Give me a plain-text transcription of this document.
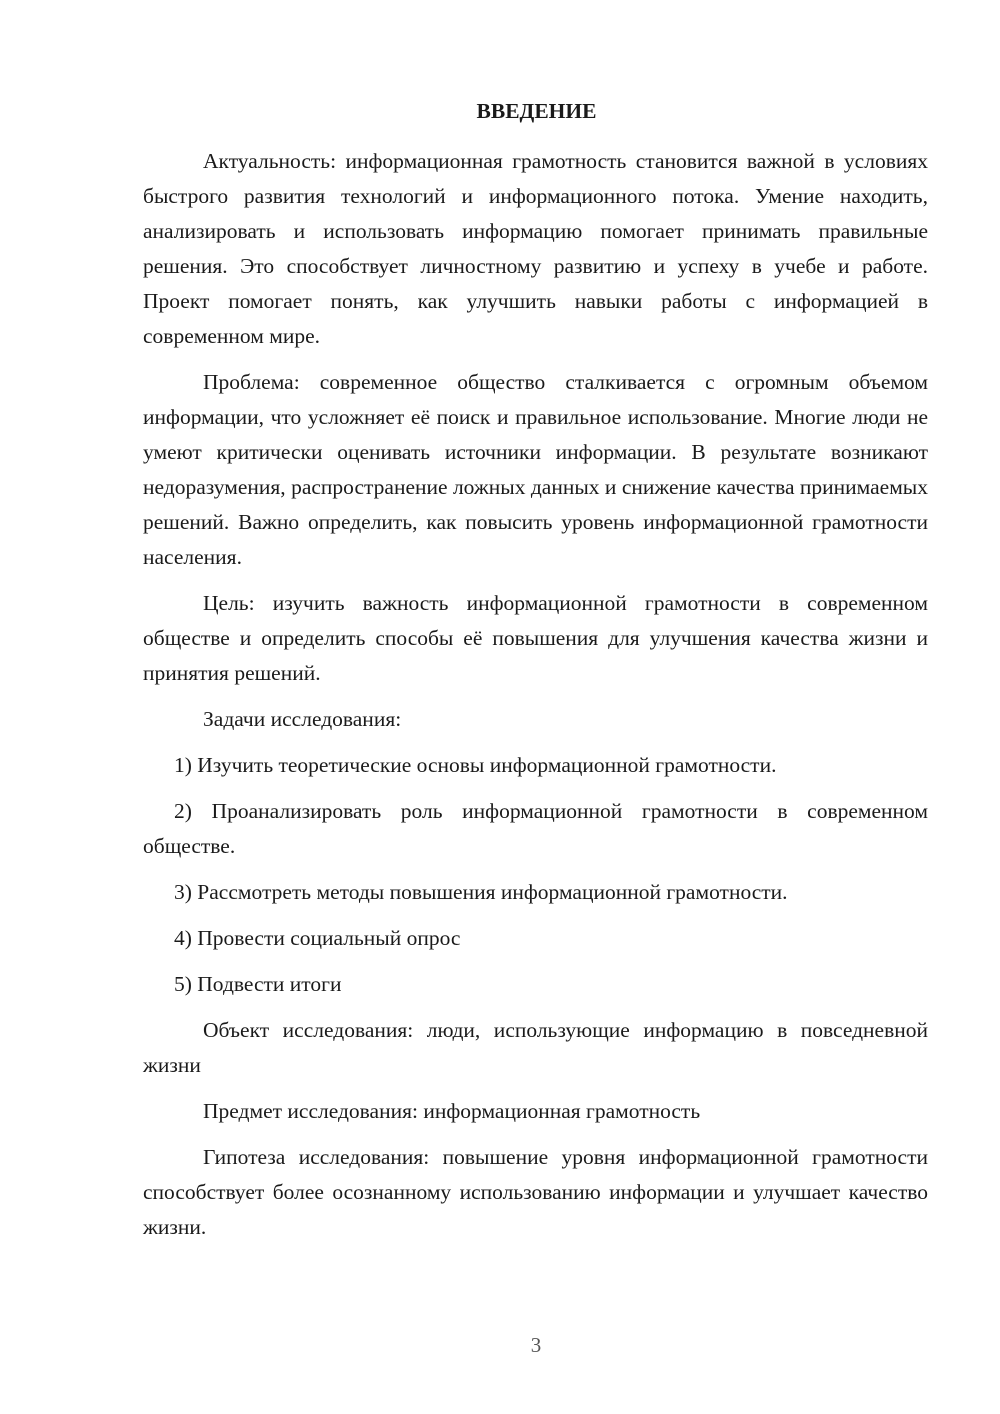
ВВЕДЕНИЕ

Актуальность: информационная грамотность становится важной в условиях быстрого развития технологий и информационного потока. Умение находить, анализировать и использовать информацию помогает принимать правильные решения. Это способствует личностному развитию и успеху в учебе и работе. Проект помогает понять, как улучшить навыки работы с информацией в современном мире.

Проблема: современное общество сталкивается с огромным объемом информации, что усложняет её поиск и правильное использование. Многие люди не умеют критически оценивать источники информации. В результате возникают недоразумения, распространение ложных данных и снижение качества принимаемых решений. Важно определить, как повысить уровень информационной грамотности населения.

Цель: изучить важность информационной грамотности в современном обществе и определить способы её повышения для улучшения качества жизни и принятия решений.

Задачи исследования:

1) Изучить теоретические основы информационной грамотности.

2) Проанализировать роль информационной грамотности в современном обществе.

3) Рассмотреть методы повышения информационной грамотности.

4) Провести социальный опрос

5) Подвести итоги

Объект исследования: люди, использующие информацию в повседневной жизни

Предмет исследования: информационная грамотность

Гипотеза исследования: повышение уровня информационной грамотности способствует более осознанному использованию информации и улучшает качество жизни.

3
